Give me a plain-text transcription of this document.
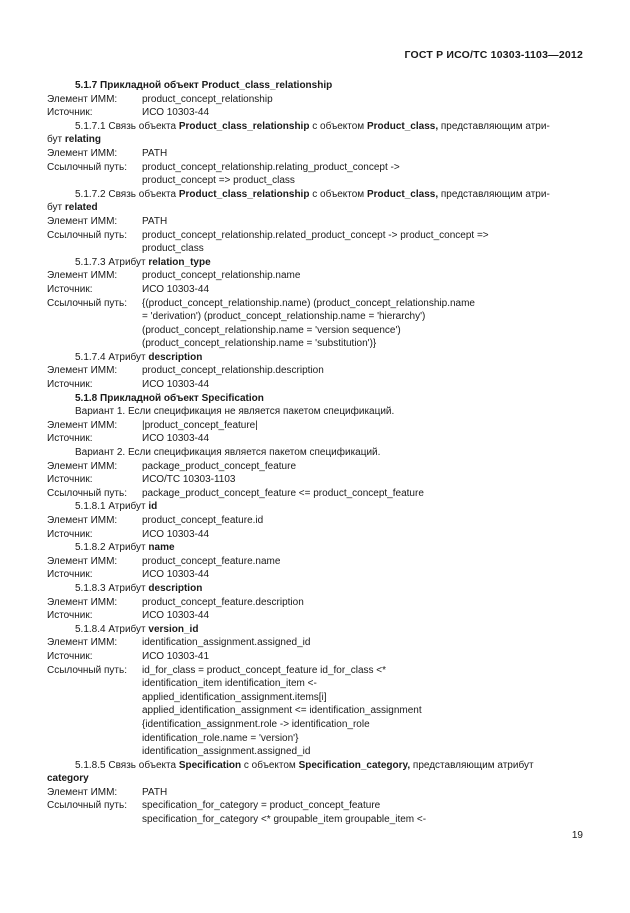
ГОСТ Р ИСО/ТС 10303-1103—2012
5.1.7 Прикладной объект Product_class_relationship
Элемент ИММ: product_concept_relationship
Источник:	ИСО 10303-44
5.1.7.1 Связь объекта Product_class_relationship с объектом Product_class, представляющим атри-
бут relating
Элемент ИММ: PATH
Ссылочный путь: product_concept_relationship.relating_product_concept ->
product_concept => product_class
5.1.7.2 Связь объекта Product_class_relationship с объектом Product_class, представляющим атри-
бут related
Элемент ИММ: PATH
Ссылочный путь: product_concept_relationship.related_product_concept -> product_concept =>
product_class
5.1.7.3 Атрибут relation_type
Элемент ИММ: product_concept_relationship.name
Источник:	ИСО 10303-44
Ссылочный путь: {(product_concept_relationship.name) (product_concept_relationship.name
= 'derivation') (product_concept_relationship.name = 'hierarchy')
(product_concept_relationship.name = 'version sequence')
(product_concept_relationship.name = 'substitution')}
5.1.7.4 Атрибут description
Элемент ИММ: product_concept_relationship.description
Источник:	ИСО 10303-44
5.1.8 Прикладной объект Specification
Вариант 1. Если спецификация не является пакетом спецификаций.
Элемент ИММ: |product_concept_feature|
Источник:	ИСО 10303-44
Вариант 2. Если спецификация является пакетом спецификаций.
Элемент ИММ: package_product_concept_feature
Источник:	ИСО/ТС 10303-1103
Ссылочный путь: package_product_concept_feature <= product_concept_feature
5.1.8.1 Атрибут id
Элемент ИММ: product_concept_feature.id
Источник:	ИСО 10303-44
5.1.8.2 Атрибут name
Элемент ИММ: product_concept_feature.name
Источник:	ИСО 10303-44
5.1.8.3 Атрибут description
Элемент ИММ: product_concept_feature.description
Источник:	ИСО 10303-44
5.1.8.4 Атрибут version_id
Элемент ИММ: identification_assignment.assigned_id
Источник:	ИСО 10303-41
Ссылочный путь: id_for_class = product_concept_feature id_for_class <*
identification_item identification_item <-
applied_identification_assignment.items[i]
applied_identification_assignment <= identification_assignment
{identification_assignment.role -> identification_role
identification_role.name = 'version'}
identification_assignment.assigned_id
5.1.8.5 Связь объекта Specification с объектом Specification_category, представляющим атрибут
category
Элемент ИММ: PATH
Ссылочный путь: specification_for_category = product_concept_feature
specification_for_category <* groupable_item groupable_item <-
19
